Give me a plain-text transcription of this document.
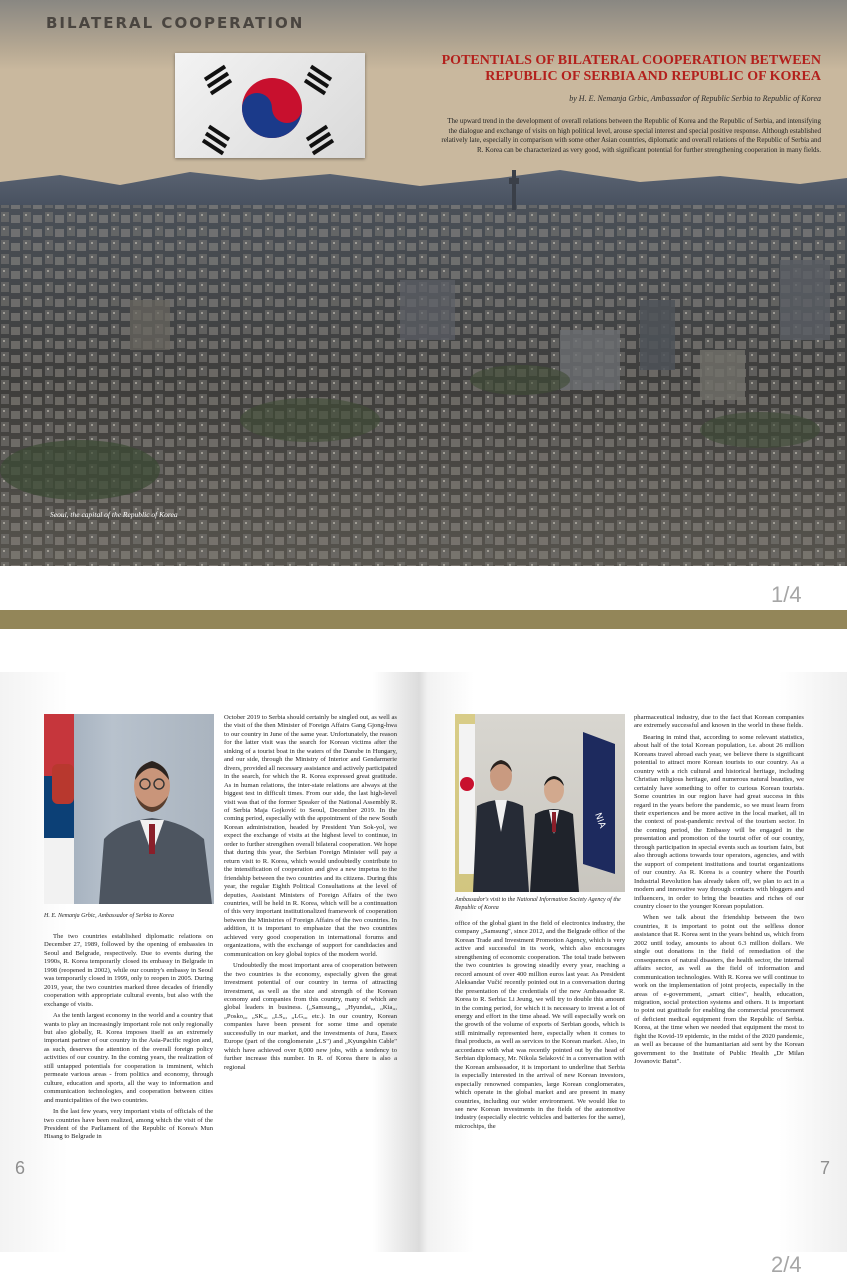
BILATERAL COOPERATION
POTENTIALS OF BILATERAL COOPERATION BETWEEN
REPUBLIC OF SERBIA AND REPUBLIC OF KOREA
by H. E. Nemanja Grbic, Ambassador of Republic Serbia to Republic of Korea
The upward trend in the development of overall relations between the Republic of Korea and the Republic of Serbia, and intensifying the dialogue and exchange of visits on high political level, arouse special interest and special positive response. Although established relatively late, especially in comparison with some other Asian countries, diplomatic and overall relations of the Republic of Serbia and R. Korea can be characterized as very good, with significant potential for further strengthening cooperation in many fields.
Seoul, the capital of the Republic of Korea
1/4
H. E. Nemanja Grbic, Ambassador of Serbia to Korea
NIA
Ambassador's visit to the National Information Society Agency of the Republic of Korea

The two countries established diplomatic relations on December 27, 1989, followed by the opening of embassies in Seoul and Belgrade, respectively. Due to events during the 1990s, R. Korea temporarily closed its embassy in Belgrade in 1998 (reopened in 2002), while our country's embassy in Seoul was temporarily closed in 1999, only to reopen in 2005. During 2019, year, the two countries marked three decades of friendly cooperation with appropriate cultural events, but also with the exchange of visits.

As the tenth largest economy in the world and a country that wants to play an increasingly important role not only regionally but also globally, R. Korea imposes itself as an extremely important partner of our country in the Asia-Pacific region and, as such, deserves the attention of the overall foreign policy activities of our country. In the coming years, the realization of still untapped potentials for cooperation is imminent, which permeate various areas - from politics and economy, through culture, education and sports, all the way to information and communication technologies, and cooperation between cities and municipalities of the two countries.

In the last few years, very important visits of officials of the two countries have been realized, among which the visit of the President of the Parliament of the Republic of Korea's Mun Hisang to Belgrade in

October 2019 to Serbia should certainly be singled out, as well as the visit of the then Minister of Foreign Affairs Gang Gjong-hwa to our country in June of the same year. Unfortunately, the reason for the latter visit was the search for Korean victims after the sinking of a tourist boat in the waters of the Danube in Hungary, and our side, through the Ministry of Interior and Gendarmerie divers, provided all necessary assistance and actively participated in the search, for which the R. Korea expressed great gratitude. As in human relations, the inter-state relations are always at the biggest test in difficult times. From our side, the last high-level visit was that of the former Speaker of the National Assembly R. of Serbia Maja Gojković to Seoul, December 2019. In the coming period, especially with the appointment of the new South Korean administration, headed by President Yun Sok-yol, we expect the exchange of visits at the highest level to continue, in order to further strengthen overall bilateral cooperation. We hope that during this year, the Serbian Foreign Minister will pay a return visit to R. Korea, which would undoubtedly contribute to the intensification of cooperation and give a new impetus to the friendship between the two countries and its citizens. During this year, the regular Eighth Political Consultations at the level of deputies, Assistant Ministers of Foreign Affairs of the two countries, will be held in R. Korea, which will be a continuation of this very important institutionalized framework of cooperation between the Ministries of Foreign Affairs of the two countries. In addition, it is important to emphasize that the two countries achieved very good cooperation in international forums and organizations, with the exchange of support for candidacies and communication on key global topics of the modern world.

Undoubtedly the most important area of cooperation between the two countries is the economy, especially given the great investment potential of our country in terms of attracting investment, as well as the size and strength of the Korean economy and companies from this country, many of which are global leaders in business. („Samsung„, „Hyundai„, „Kia„, „Posko„, „SK„, „LS„, „LG„, etc.). In our country, Korean companies have been present for some time and operate successfully in our market, and the investments of Jura, Essex Europe (part of the conglomerate „LS") and „Kyungshin Cable" which have achieved over 8,000 new jobs, with a tendency to further increase this number. In R. of Korea there is also a regional

office of the global giant in the field of electronics industry, the company „Samsung", since 2012, and the Belgrade office of the Korean Trade and Investment Promotion Agency, which is very active and successful in its work, which also encourages strengthening of economic cooperation. The total trade between the two countries is growing steadily every year, reaching a record amount of over 400 million euros last year. As President Aleksandar Vučić recently pointed out in a conversation during the presentation of the credentials of the new Ambassador R. Korea to R. Serbia: Li Jeung, we will try to double this amount in the coming period, for which it is necessary to invest a lot of energy and effort in the time ahead. We will especially work on the growth of the volume of exports of Serbian goods, which is still minimally represented here, especially when it comes to final products, as well as services to the Korean market. Also, in accordance with what was recently pointed out by the head of Serbian diplomacy, Mr. Nikola Selaković in a conversation with the Korean ambassador, it is important to underline that Serbia is especially interested in the arrival of new Korean investors, especially renowned companies, large Korean conglomerates, which operate in the global market and are present in many countries, including our wider environment. We would like to see new Korean investments in the fields of the automotive industry (especially electric vehicles and batteries for the same), microchips, the

pharmaceutical industry, due to the fact that Korean companies are extremely successful and known in the world in these fields.

Bearing in mind that, according to some relevant statistics, about half of the total Korean population, i.e. about 26 million Koreans travel abroad each year, we believe there is significant potential to attract more Korean tourists to our country. As a country with a rich cultural and historical heritage, including Christian religious heritage, and numerous natural beauties, we certainly have something to offer to curious Korean tourists. Some countries in our region have had great success in this regard in the years before the pandemic, so we must learn from their experiences and be more active in the local market, all in the context of post-pandemic revival of the tourism sector. In the coming period, the Embassy will be engaged in the presentation and promotion of the tourist offer of our country, through participation in special events such as tourism fairs, but also through actions towards tour operators, agencies, and with the support of competent institutions and tourist organizations of our country. As R. Korea is a country where the Fourth Industrial Revolution has already taken off, we plan to act in a modern and innovative way through contacts with bloggers and influencers, in order to bring the beauties and riches of our country closer to the younger Korean population.

When we talk about the friendship between the two countries, it is important to point out the selfless donor assistance that R. Korea sent in the years behind us, which from 2002 until today, amounts to about 6.3 million dollars. We single out donations in the field of remediation of the consequences of natural disasters, the health sector, the internal affairs sector, as well as the field of information and communication technologies. With R. Korea we will continue to work on the implementation of joint projects, especially in the areas of e-government, „smart cities", health, education, migration, social protection systems and others. It is important to point out gratitude for enabling the commercial procurement of deficient medical equipment from the Republic of Serbia. Korea, at the time when we needed that equipment the most to fight the Kovid-19 epidemic, in the midst of the 2020 pandemic, as well as because of the humanitarian aid sent by the Korean government to the Institute of Public Health „Dr Milan Jovanovic Batut".

6	7
2/4
